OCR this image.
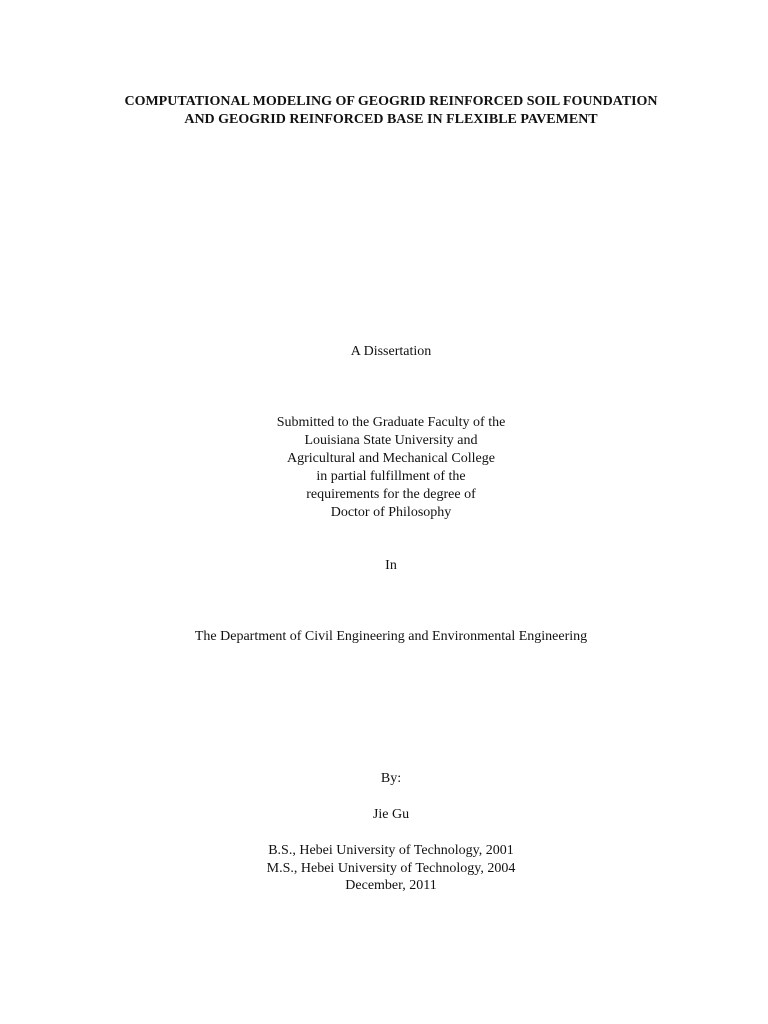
COMPUTATIONAL MODELING OF GEOGRID REINFORCED SOIL FOUNDATION
AND GEOGRID REINFORCED BASE IN FLEXIBLE PAVEMENT
A Dissertation
Submitted to the Graduate Faculty of the
Louisiana State University and
Agricultural and Mechanical College
in partial fulfillment of the
requirements for the degree of
Doctor of Philosophy
In
The Department of Civil Engineering and Environmental Engineering
By:
Jie Gu
B.S., Hebei University of Technology, 2001
M.S., Hebei University of Technology, 2004
December, 2011
